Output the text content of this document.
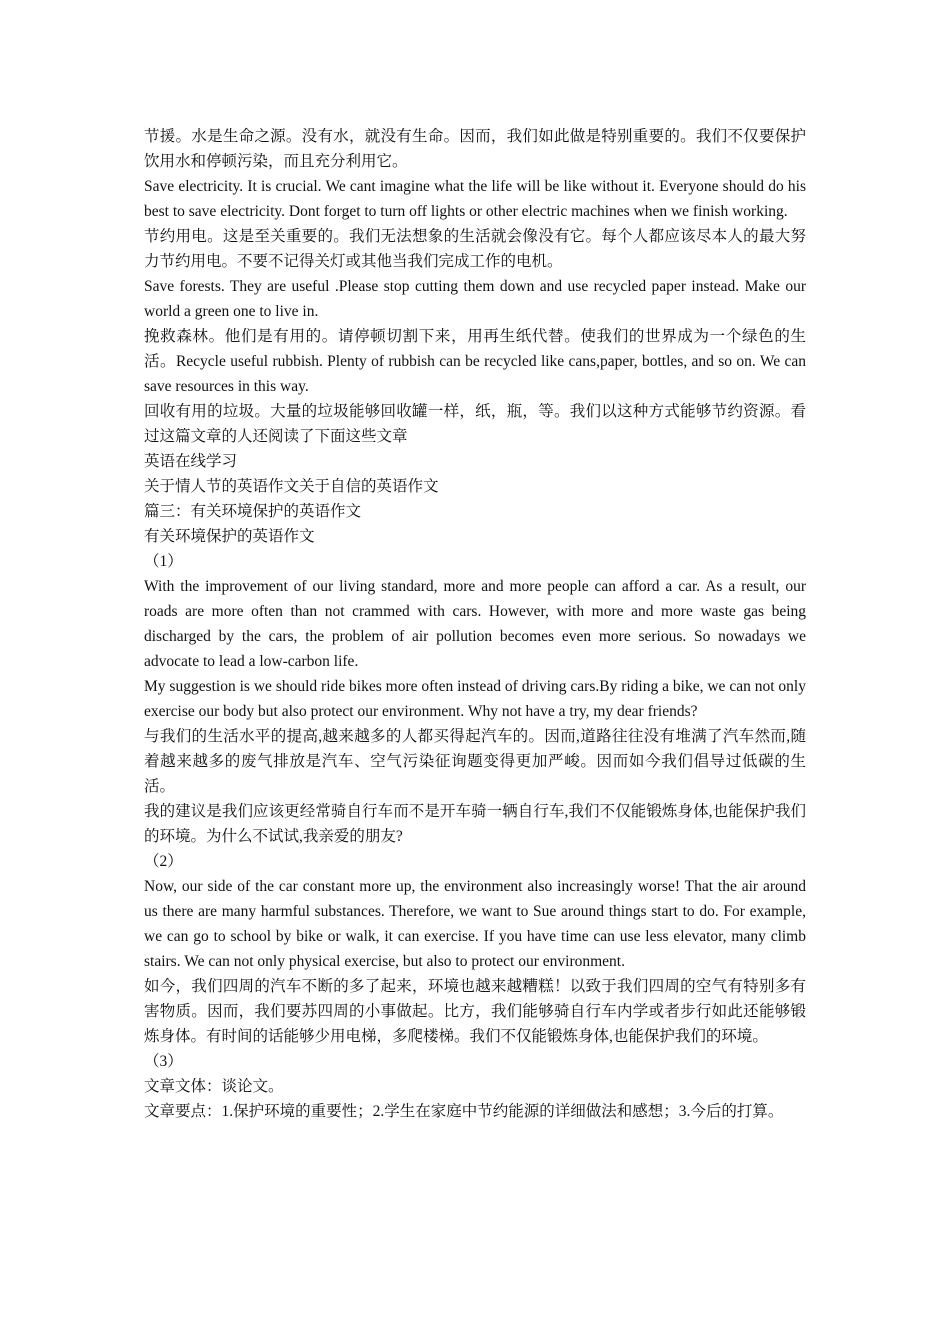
节援。水是生命之源。没有水，就没有生命。因而，我们如此做是特别重要的。我们不仅要保护饮用水和停顿污染，而且充分利用它。

Save electricity. It is crucial. We cant imagine what the life will be like without it. Everyone should do his best to save electricity. Dont forget to turn off lights or other electric machines when we finish working.

节约用电。这是至关重要的。我们无法想象的生活就会像没有它。每个人都应该尽本人的最大努力节约用电。不要不记得关灯或其他当我们完成工作的电机。

Save forests. They are useful .Please stop cutting them down and use recycled paper instead. Make our world a green one to live in.

挽救森林。他们是有用的。请停顿切割下来，用再生纸代替。使我们的世界成为一个绿色的生活。Recycle useful rubbish. Plenty of rubbish can be recycled like cans,paper, bottles, and so on. We can save resources in this way.

回收有用的垃圾。大量的垃圾能够回收罐一样，纸，瓶，等。我们以这种方式能够节约资源。看过这篇文章的人还阅读了下面这些文章

英语在线学习

关于情人节的英语作文关于自信的英语作文

篇三：有关环境保护的英语作文

有关环境保护的英语作文

（1）

With the improvement of our living standard, more and more people can afford a car. As a result, our roads are more often than not crammed with cars. However, with more and more waste gas being discharged by the cars, the problem of air pollution becomes even more serious. So nowadays we advocate to lead a low-carbon life.

My suggestion is we should ride bikes more often instead of driving cars.By riding a bike, we can not only exercise our body but also protect our environment. Why not have a try, my dear friends?

与我们的生活水平的提高,越来越多的人都买得起汽车的。因而,道路往往没有堆满了汽车然而,随着越来越多的废气排放是汽车、空气污染征询题变得更加严峻。因而如今我们倡导过低碳的生活。

我的建议是我们应该更经常骑自行车而不是开车骑一辆自行车,我们不仅能锻炼身体,也能保护我们的环境。为什么不试试,我亲爱的朋友?

（2）

Now, our side of the car constant more up, the environment also increasingly worse! That the air around us there are many harmful substances. Therefore, we want to Sue around things start to do. For example, we can go to school by bike or walk, it can exercise. If you have time can use less elevator, many climb stairs. We can not only physical exercise, but also to protect our environment.

如今，我们四周的汽车不断的多了起来，环境也越来越糟糕！以致于我们四周的空气有特别多有害物质。因而，我们要苏四周的小事做起。比方，我们能够骑自行车内学或者步行如此还能够锻炼身体。有时间的话能够少用电梯，多爬楼梯。我们不仅能锻炼身体,也能保护我们的环境。

（3）

文章文体：谈论文。

文章要点：1.保护环境的重要性；2.学生在家庭中节约能源的详细做法和感想；3.今后的打算。
